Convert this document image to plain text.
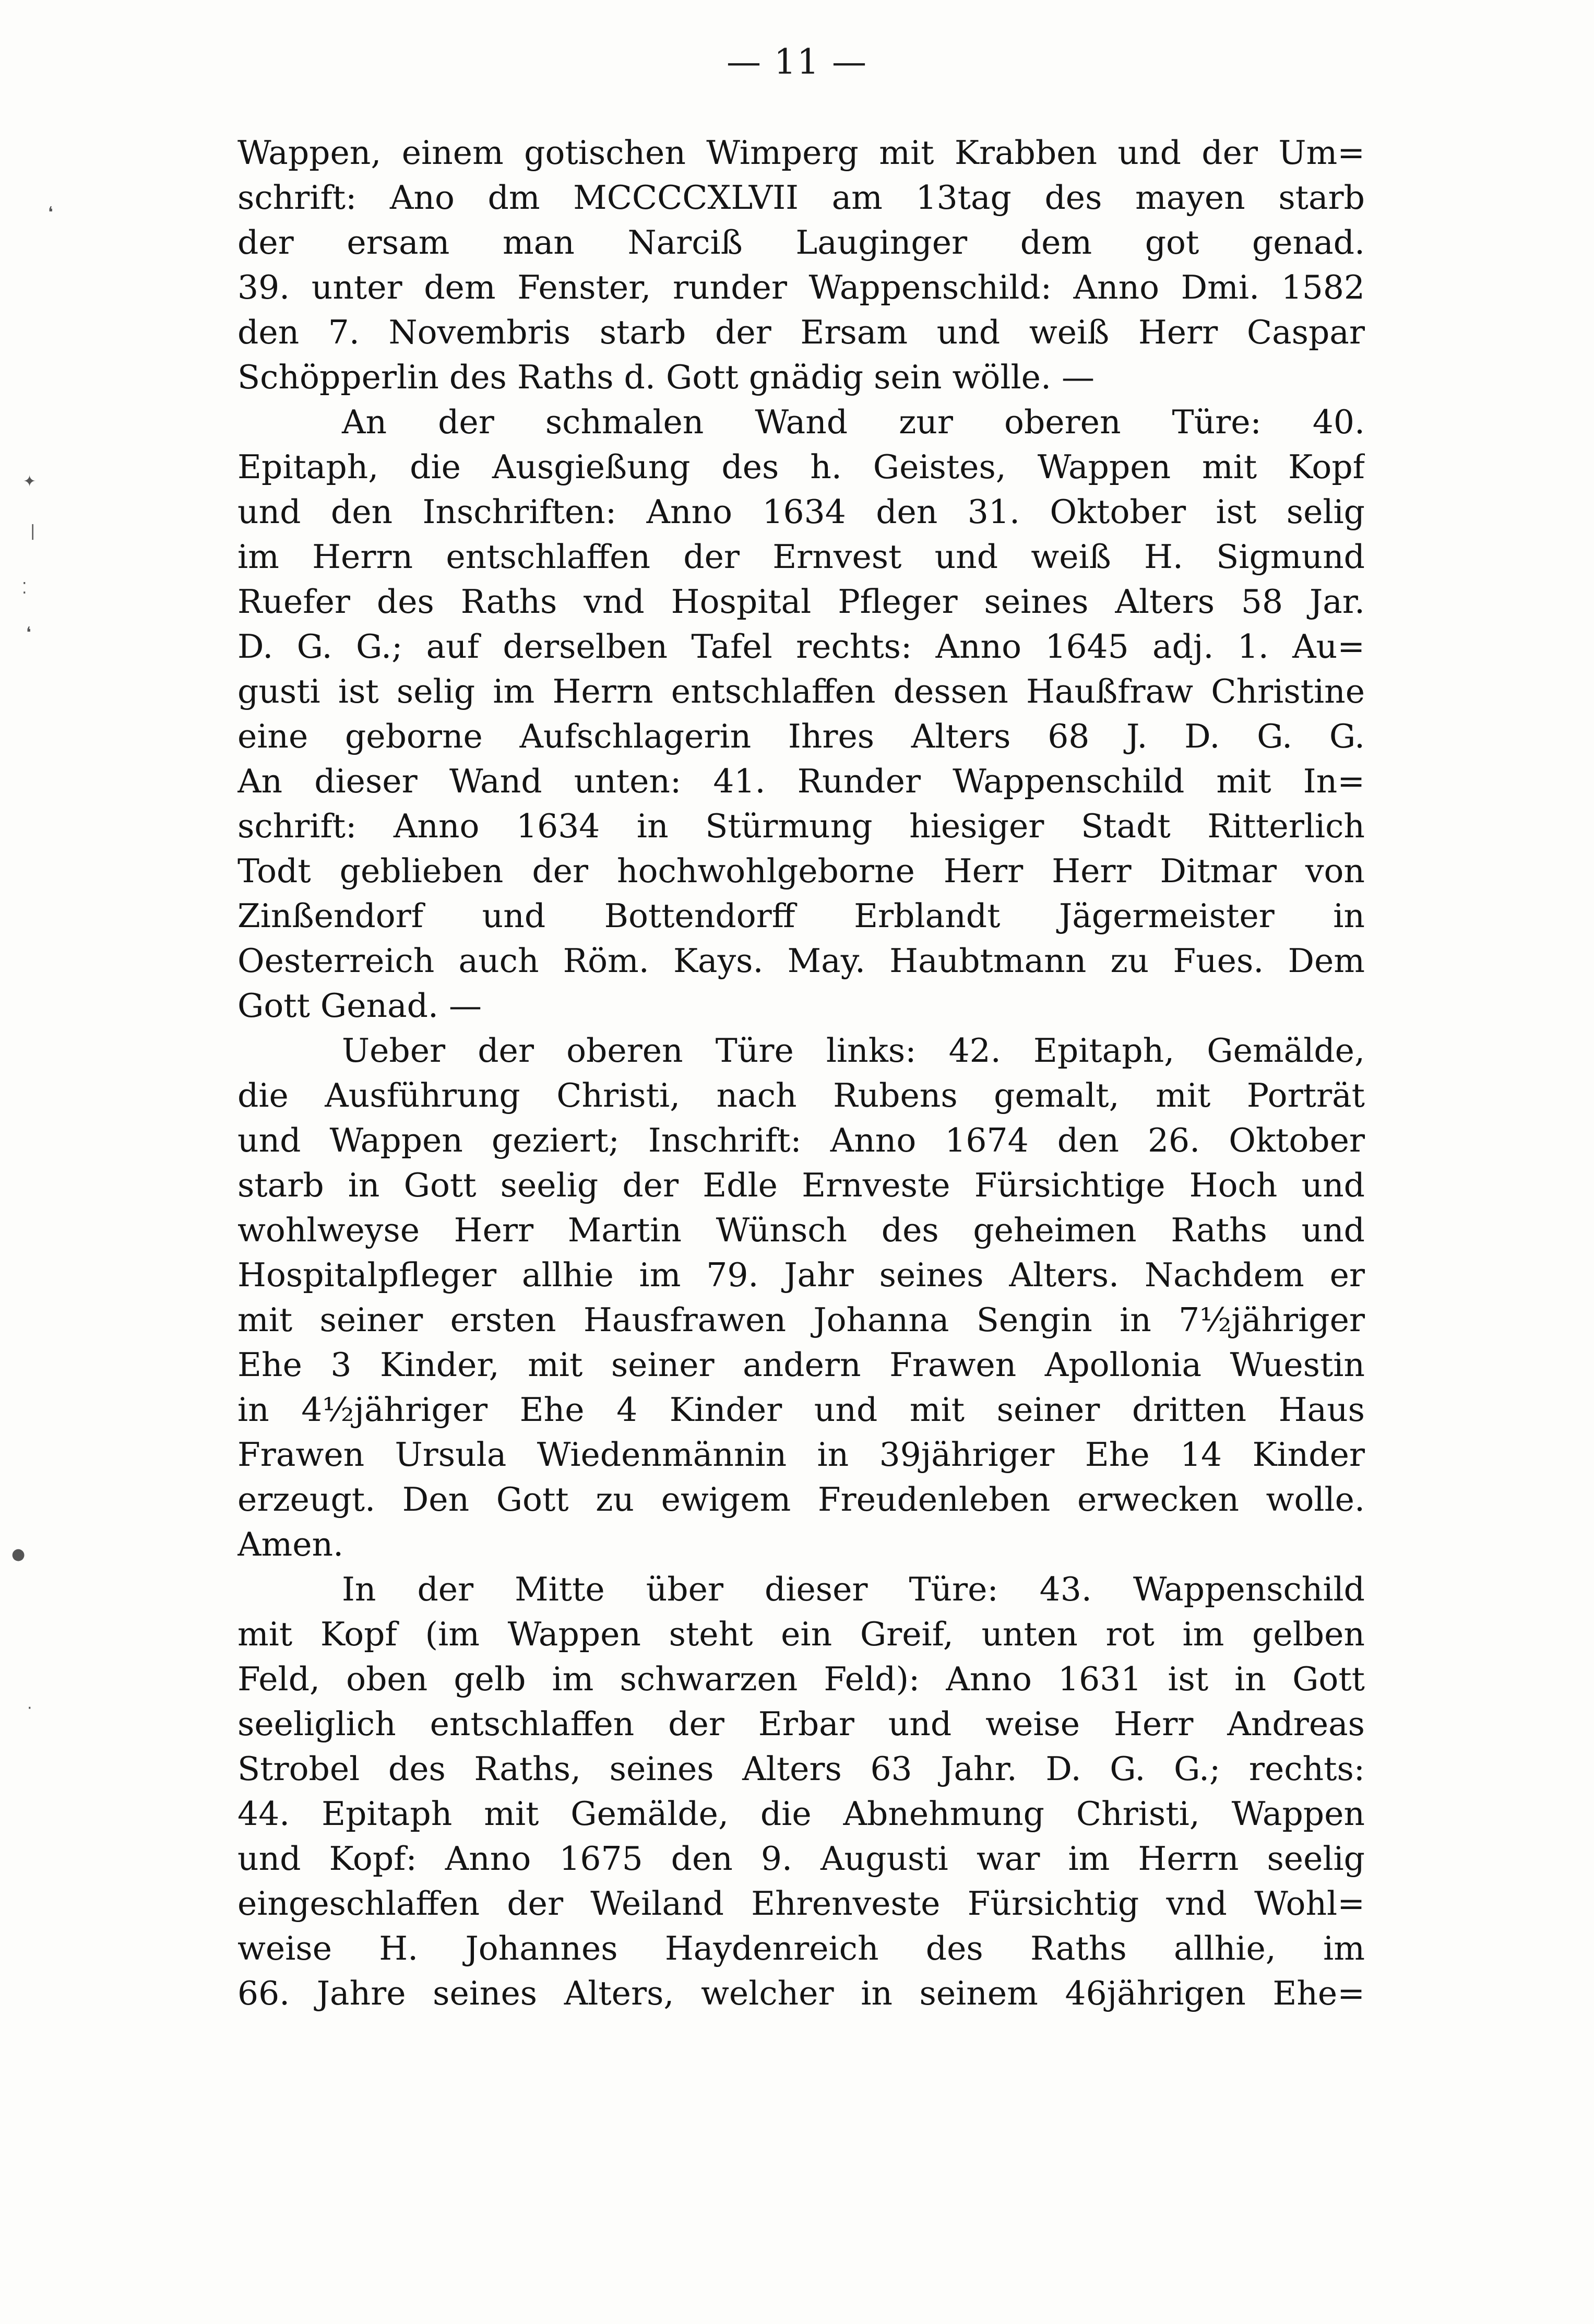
— 11 —
❛
✦
❘
⁚
❛
●
·
Wappen, einem gotischen Wimperg mit Krabben und der Um=
schrift: Ano dm MCCCCXLVII am 13tag des mayen starb
der ersam man Narciß Lauginger dem got genad.
39. unter dem Fenster, runder Wappenschild: Anno Dmi. 1582
den 7. Novembris starb der Ersam und weiß Herr Caspar
Schöpperlin des Raths d. Gott gnädig sein wölle. —
An der schmalen Wand zur oberen Türe: 40.
Epitaph, die Ausgießung des h. Geistes, Wappen mit Kopf
und den Inschriften: Anno 1634 den 31. Oktober ist selig
im Herrn entschlaffen der Ernvest und weiß H. Sigmund
Ruefer des Raths vnd Hospital Pfleger seines Alters 58 Jar.
D. G. G.; auf derselben Tafel rechts: Anno 1645 adj. 1. Au=
gusti ist selig im Herrn entschlaffen dessen Haußfraw Christine
eine geborne Aufschlagerin Ihres Alters 68 J. D. G. G.
An dieser Wand unten: 41. Runder Wappenschild mit In=
schrift: Anno 1634 in Stürmung hiesiger Stadt Ritterlich
Todt geblieben der hochwohlgeborne Herr Herr Ditmar von
Zinßendorf und Bottendorff Erblandt Jägermeister in
Oesterreich auch Röm. Kays. May. Haubtmann zu Fues. Dem
Gott Genad. —
Ueber der oberen Türe links: 42. Epitaph, Gemälde,
die Ausführung Christi, nach Rubens gemalt, mit Porträt
und Wappen geziert; Inschrift: Anno 1674 den 26. Oktober
starb in Gott seelig der Edle Ernveste Fürsichtige Hoch und
wohlweyse Herr Martin Wünsch des geheimen Raths und
Hospitalpfleger allhie im 79. Jahr seines Alters. Nachdem er
mit seiner ersten Hausfrawen Johanna Sengin in 7½jähriger
Ehe 3 Kinder, mit seiner andern Frawen Apollonia Wuestin
in 4½jähriger Ehe 4 Kinder und mit seiner dritten Haus
Frawen Ursula Wiedenmännin in 39jähriger Ehe 14 Kinder
erzeugt. Den Gott zu ewigem Freudenleben erwecken wolle.
Amen.
In der Mitte über dieser Türe: 43. Wappenschild
mit Kopf (im Wappen steht ein Greif, unten rot im gelben
Feld, oben gelb im schwarzen Feld): Anno 1631 ist in Gott
seeliglich entschlaffen der Erbar und weise Herr Andreas
Strobel des Raths, seines Alters 63 Jahr. D. G. G.; rechts:
44. Epitaph mit Gemälde, die Abnehmung Christi, Wappen
und Kopf: Anno 1675 den 9. Augusti war im Herrn seelig
eingeschlaffen der Weiland Ehrenveste Fürsichtig vnd Wohl=
weise H. Johannes Haydenreich des Raths allhie, im
66. Jahre seines Alters, welcher in seinem 46jährigen Ehe=
